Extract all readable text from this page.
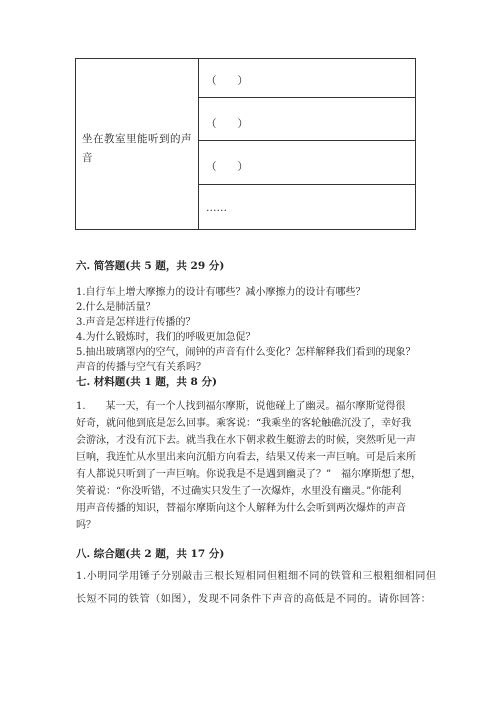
坐在教室里能听到的声音
（　　）
（　　）
（　　）
……
六. 简答题(共 5 题，共 29 分)
1.自行车上增大摩擦力的设计有哪些？减小摩擦力的设计有哪些？
2.什么是肺活量？
3.声音是怎样进行传播的？
4.为什么锻炼时，我们的呼吸更加急促？
5.抽出玻璃罩内的空气，闹钟的声音有什么变化？怎样解释我们看到的现象？
声音的传播与空气有关系吗？
七. 材料题(共 1 题，共 8 分)
1.　　某一天，有一个人找到福尔摩斯，说他碰上了幽灵。福尔摩斯觉得很
好奇，就问他到底是怎么回事。乘客说：“我乘坐的客轮触礁沉没了，幸好我
会游泳，才没有沉下去。就当我在水下朝求救生艇游去的时候，突然听见一声
巨响，我连忙从水里出来向沉船方向看去，结果又传来一声巨响。可是后来所
有人都说只听到了一声巨响。你说我是不是遇到幽灵了？”　福尔摩斯想了想，
笑着说：“你没听错，不过确实只发生了一次爆炸，水里没有幽灵。”你能利
用声音传播的知识，替福尔摩斯向这个人解释为什么会听到两次爆炸的声音
吗？
八. 综合题(共 2 题，共 17 分)
1.小明同学用锤子分别敲击三根长短相同但粗细不同的铁管和三根粗细相同但
长短不同的铁管（如图），发现不同条件下声音的高低是不同的。请你回答：
